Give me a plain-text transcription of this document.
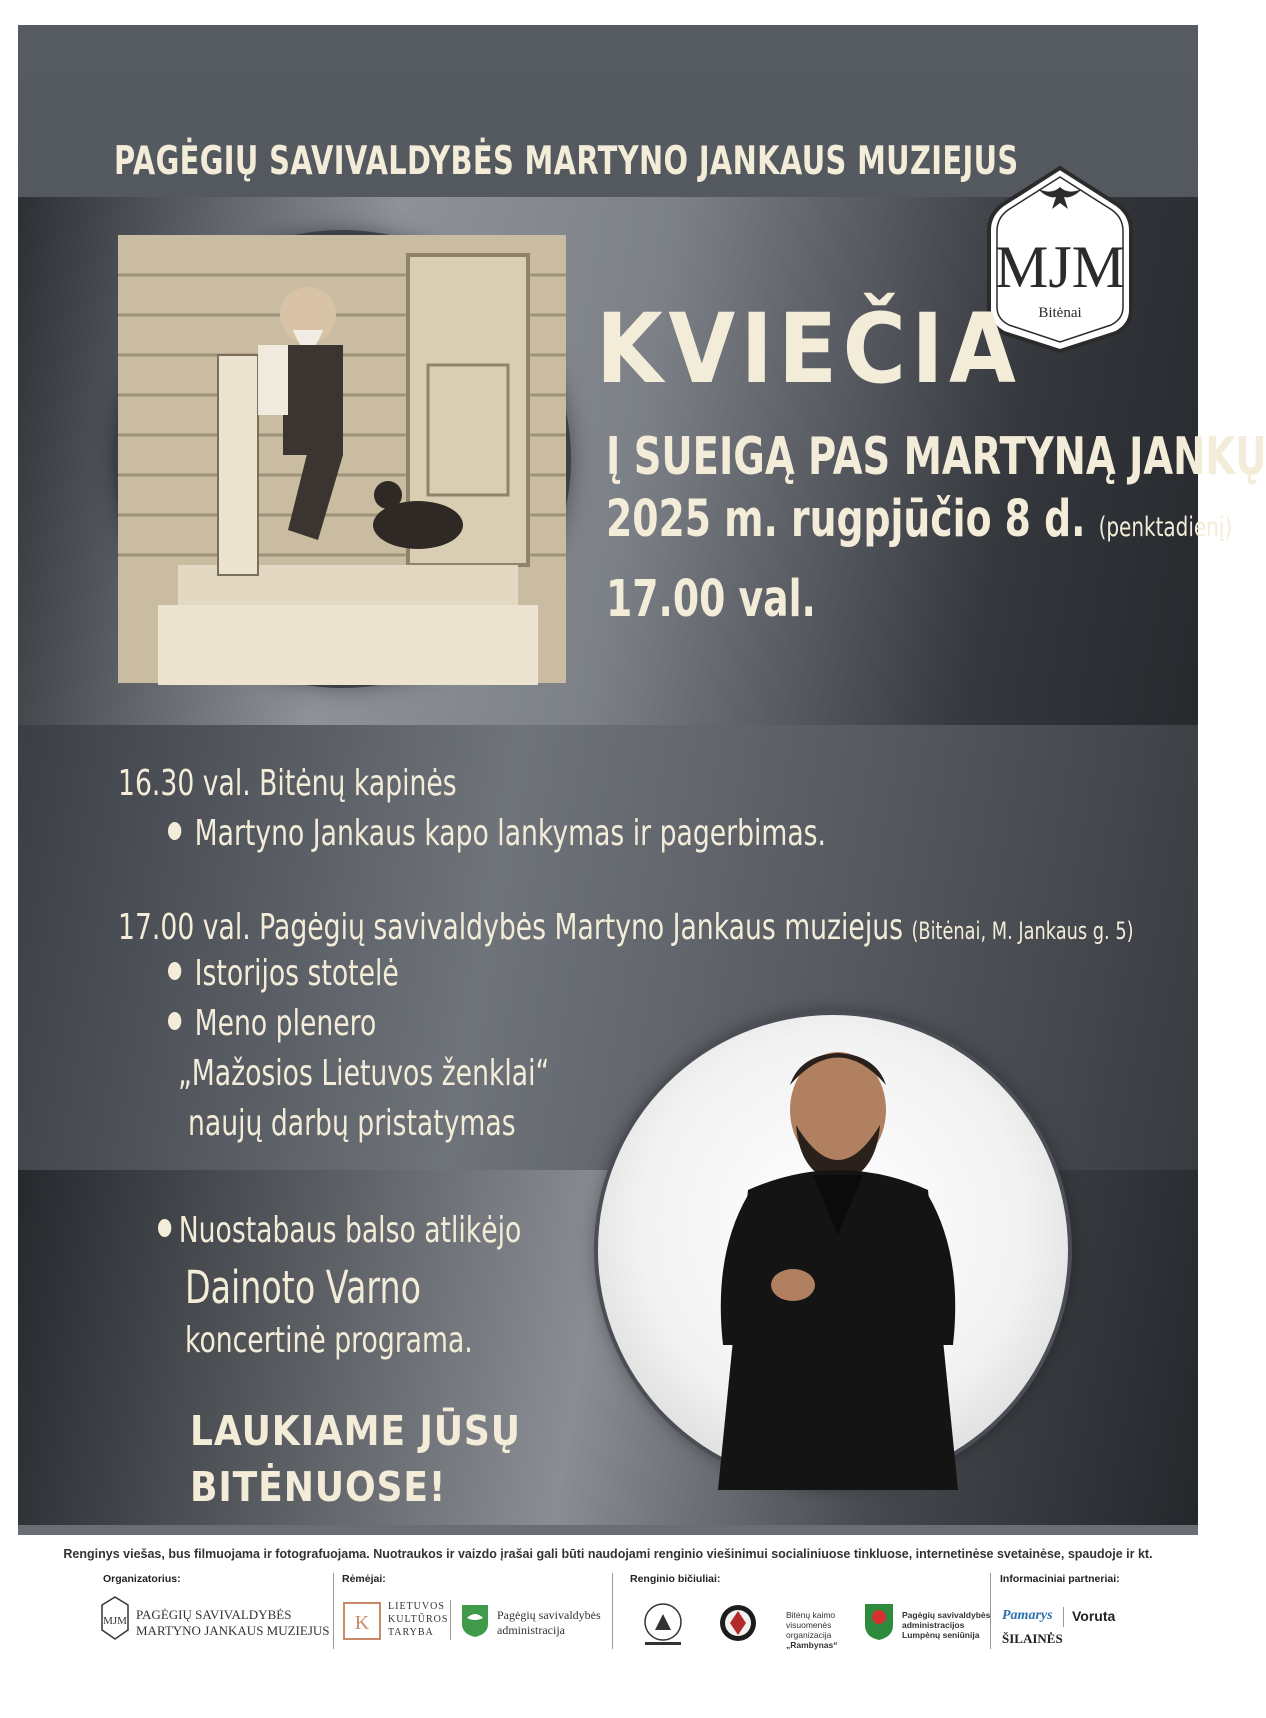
PAGĖGIŲ SAVIVALDYBĖS MARTYNO JANKAUS MUZIEJUS
MJM
Bitėnai
KVIEČIA
Į SUEIGĄ PAS MARTYNĄ JANKŲ
2025 m. rugpjūčio 8 d. (penktadienį)
17.00 val.
16.30 val. Bitėnų kapinės
Martyno Jankaus kapo lankymas ir pagerbimas.
17.00 val. Pagėgių savivaldybės Martyno Jankaus muziejus (Bitėnai, M. Jankaus g. 5)
Istorijos stotelė
Meno plenero
„Mažosios Lietuvos ženklai“
naujų darbų pristatymas
Nuostabaus balso atlikėjo
Dainoto Varno
koncertinė programa.
LAUKIAME JŪSŲ
BITĖNUOSE!
Renginys viešas, bus filmuojama ir fotografuojama. Nuotraukos ir vaizdo įrašai gali būti naudojami renginio viešinimui socialiniuose tinkluose, internetinėse svetainėse, spaudoje ir kt.
Organizatorius:
MJM PAGĖGIŲ SAVIVALDYBĖS
MARTYNO JANKAUS MUZIEJUS
Rėmėjai:
K
LIETUVOS
KULTŪROS
TARYBA
Pagėgių savivaldybės
administracija
Renginio bičiuliai:
Bitėnų kaimo
visuomenės
organizacija
„Rambynas“
Pagėgių savivaldybės
administracijos
Lumpėnų seniūnija
Informaciniai partneriai:
Pamarys Voruta
ŠILAINĖS
